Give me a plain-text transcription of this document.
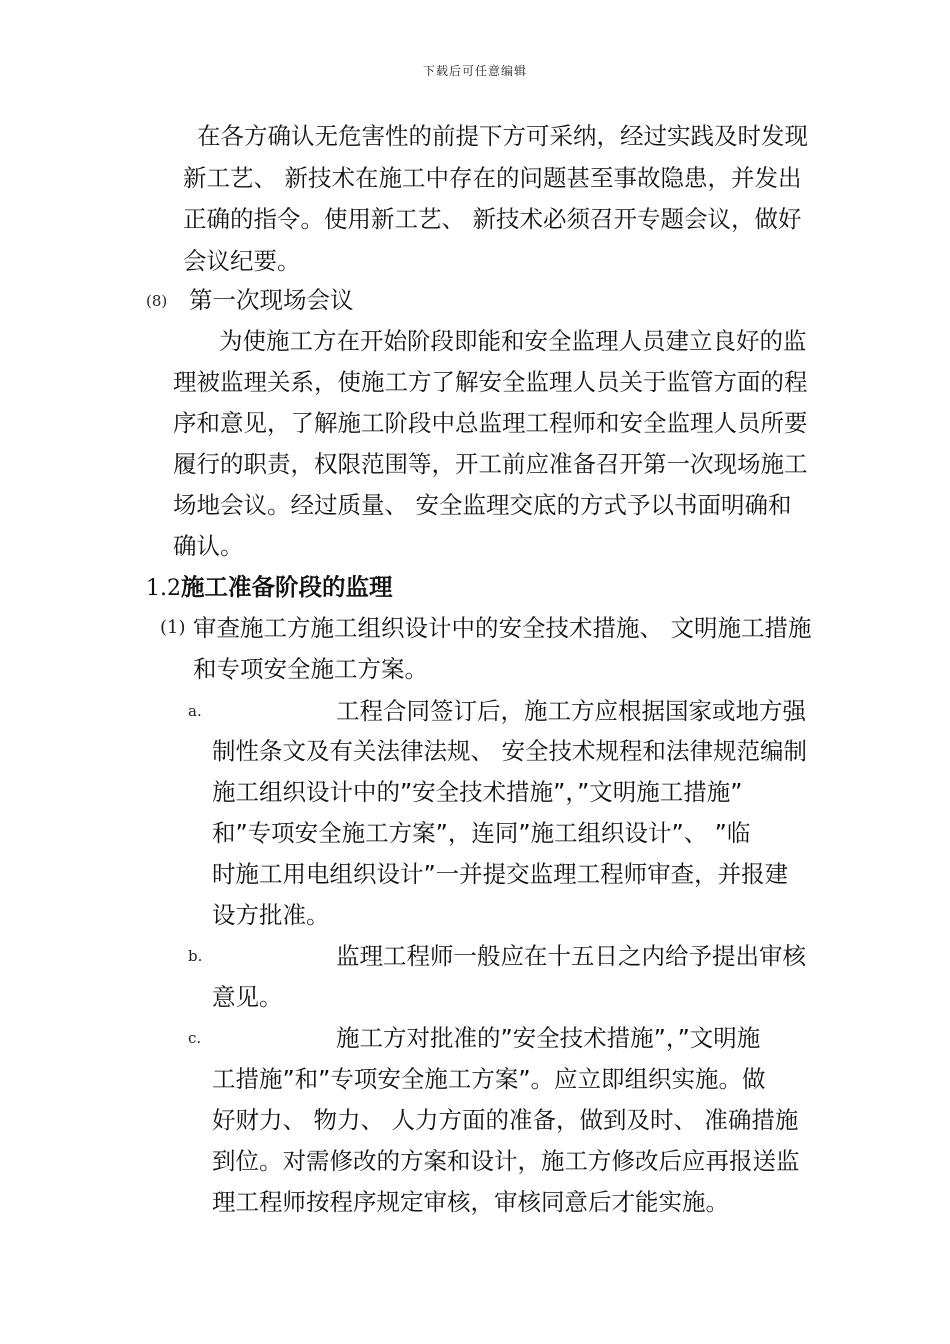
下载后可任意编辑
在各方确认无危害性的前提下方可采纳，经过实践及时发现
新工艺、 新技术在施工中存在的问题甚至事故隐患，并发出
正确的指令。使用新工艺、 新技术必须召开专题会议，做好
会议纪要。
(8) 第一次现场会议
为使施工方在开始阶段即能和安全监理人员建立良好的监
理被监理关系，使施工方了解安全监理人员关于监管方面的程
序和意见，了解施工阶段中总监理工程师和安全监理人员所要
履行的职责，权限范围等，开工前应准备召开第一次现场施工
场地会议。经过质量、 安全监理交底的方式予以书面明确和
确认。
1.2施工准备阶段的监理
(1) 审查施工方施工组织设计中的安全技术措施、 文明施工措施
和专项安全施工方案。
a.	工程合同签订后，施工方应根据国家或地方强
制性条文及有关法律法规、 安全技术规程和法律规范编制
施工组织设计中的”安全技术措施”，”文明施工措施”
和”专项安全施工方案”，连同”施工组织设计”、 ”临
时施工用电组织设计”一并提交监理工程师审查，并报建
设方批准。
b.	监理工程师一般应在十五日之内给予提出审核
意见。
c.	施工方对批准的”安全技术措施”，”文明施
工措施”和”专项安全施工方案”。应立即组织实施。做
好财力、 物力、 人力方面的准备，做到及时、 准确措施
到位。对需修改的方案和设计，施工方修改后应再报送监
理工程师按程序规定审核，审核同意后才能实施。
